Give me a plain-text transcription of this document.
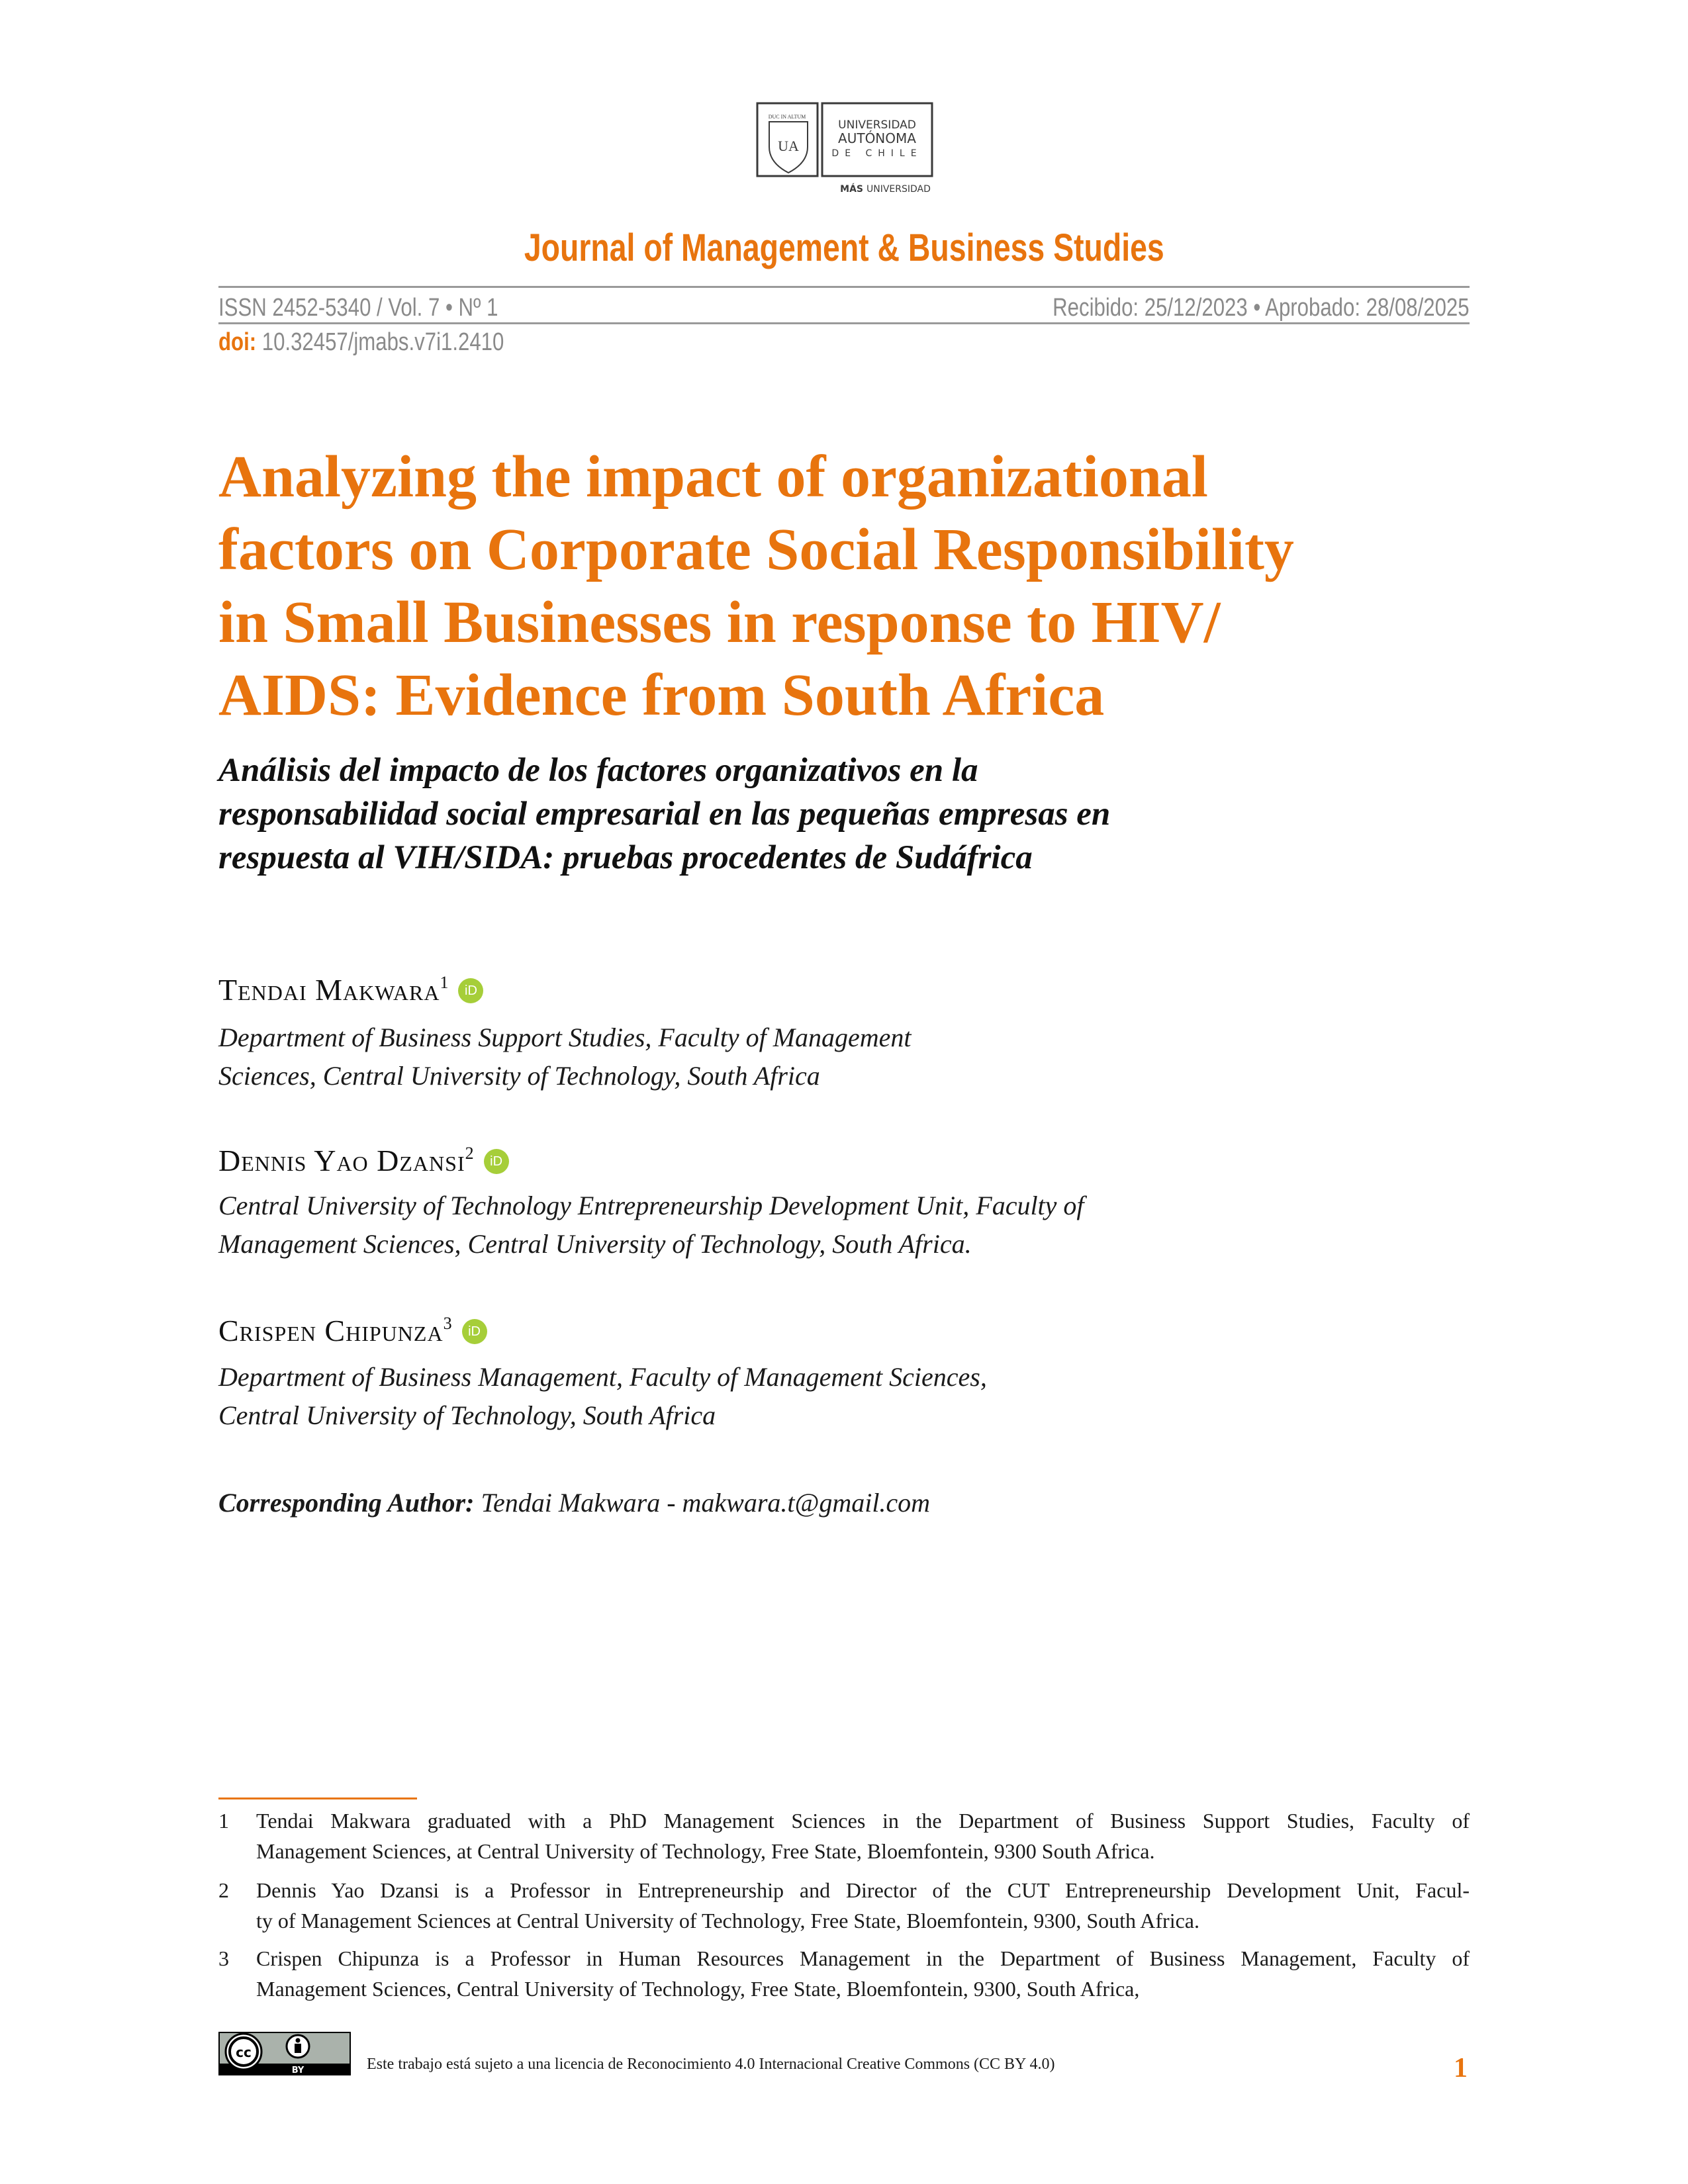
DUC IN ALTUM
UA
UNIVERSIDAD
AUTÓNOMA
DE CHILE
MÁS UNIVERSIDAD
Journal of Management & Business Studies
ISSN 2452-5340 / Vol. 7 • Nº 1	Recibido: 25/12/2023 • Aprobado: 28/08/2025
doi: 10.32457/jmabs.v7i1.2410
Analyzing the impact of organizational
factors on Corporate Social Responsibility
in Small Businesses in response to HIV/
AIDS: Evidence from South Africa
Análisis del impacto de los factores organizativos en la
responsabilidad social empresarial en las pequeñas empresas en
respuesta al VIH/SIDA: pruebas procedentes de Sudáfrica
Tendai Makwara$^1$ iD
Department of Business Support Studies, Faculty of Management
Sciences, Central University of Technology, South Africa
Dennis Yao Dzansi$^2$ iD
Central University of Technology Entrepreneurship Development Unit, Faculty of
Management Sciences, Central University of Technology, South Africa.
Crispen Chipunza$^3$ iD
Department of Business Management, Faculty of Management Sciences,
Central University of Technology, South Africa
Corresponding Author: Tendai Makwara - makwara.t@gmail.com
1 Tendai Makwara graduated with a PhD Management Sciences in the Department of Business Support Studies, Faculty of
Management Sciences, at Central University of Technology, Free State, Bloemfontein, 9300 South Africa.
2 Dennis Yao Dzansi is a Professor in Entrepreneurship and Director of the CUT Entrepreneurship Development Unit, Facul-
ty of Management Sciences at Central University of Technology, Free State, Bloemfontein, 9300, South Africa.
3 Crispen Chipunza is a Professor in Human Resources Management in the Department of Business Management, Faculty of
Management Sciences, Central University of Technology, Free State, Bloemfontein, 9300, South Africa,
cc
BY	Este trabajo está sujeto a una licencia de Reconocimiento 4.0 Internacional Creative Commons (CC BY 4.0)	1
